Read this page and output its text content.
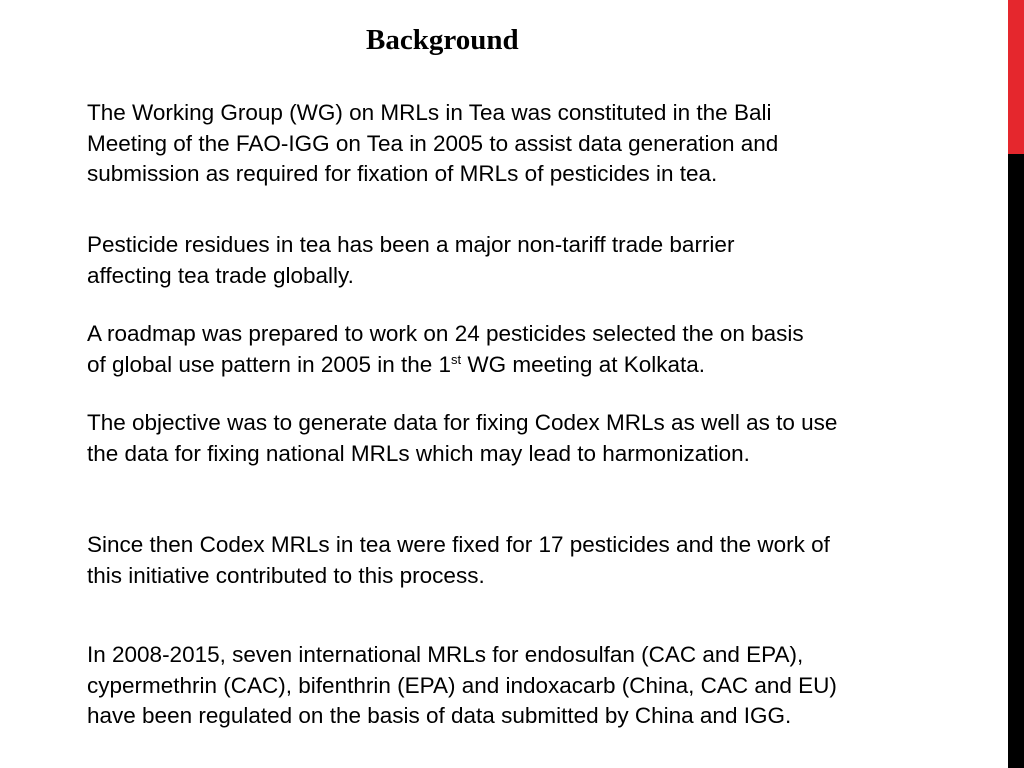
Background
The Working Group (WG) on MRLs in Tea was constituted in the Bali
Meeting of the FAO-IGG on Tea in 2005 to assist data generation and
submission as required for fixation of MRLs of pesticides in tea.
Pesticide residues in tea has been a major non-tariff trade barrier
affecting tea trade globally.
A roadmap was prepared to work on 24 pesticides selected the on basis
of global use pattern in 2005 in the 1st WG meeting at Kolkata.
The objective was to generate data for fixing Codex MRLs as well as to use
the data for fixing national MRLs which may lead to harmonization.
Since then Codex MRLs in tea were fixed for 17 pesticides and the work of
this initiative contributed to this process.
In 2008-2015, seven international MRLs for endosulfan (CAC and EPA),
cypermethrin (CAC), bifenthrin (EPA) and indoxacarb (China, CAC and EU)
have been regulated on the basis of data submitted by China and IGG.
